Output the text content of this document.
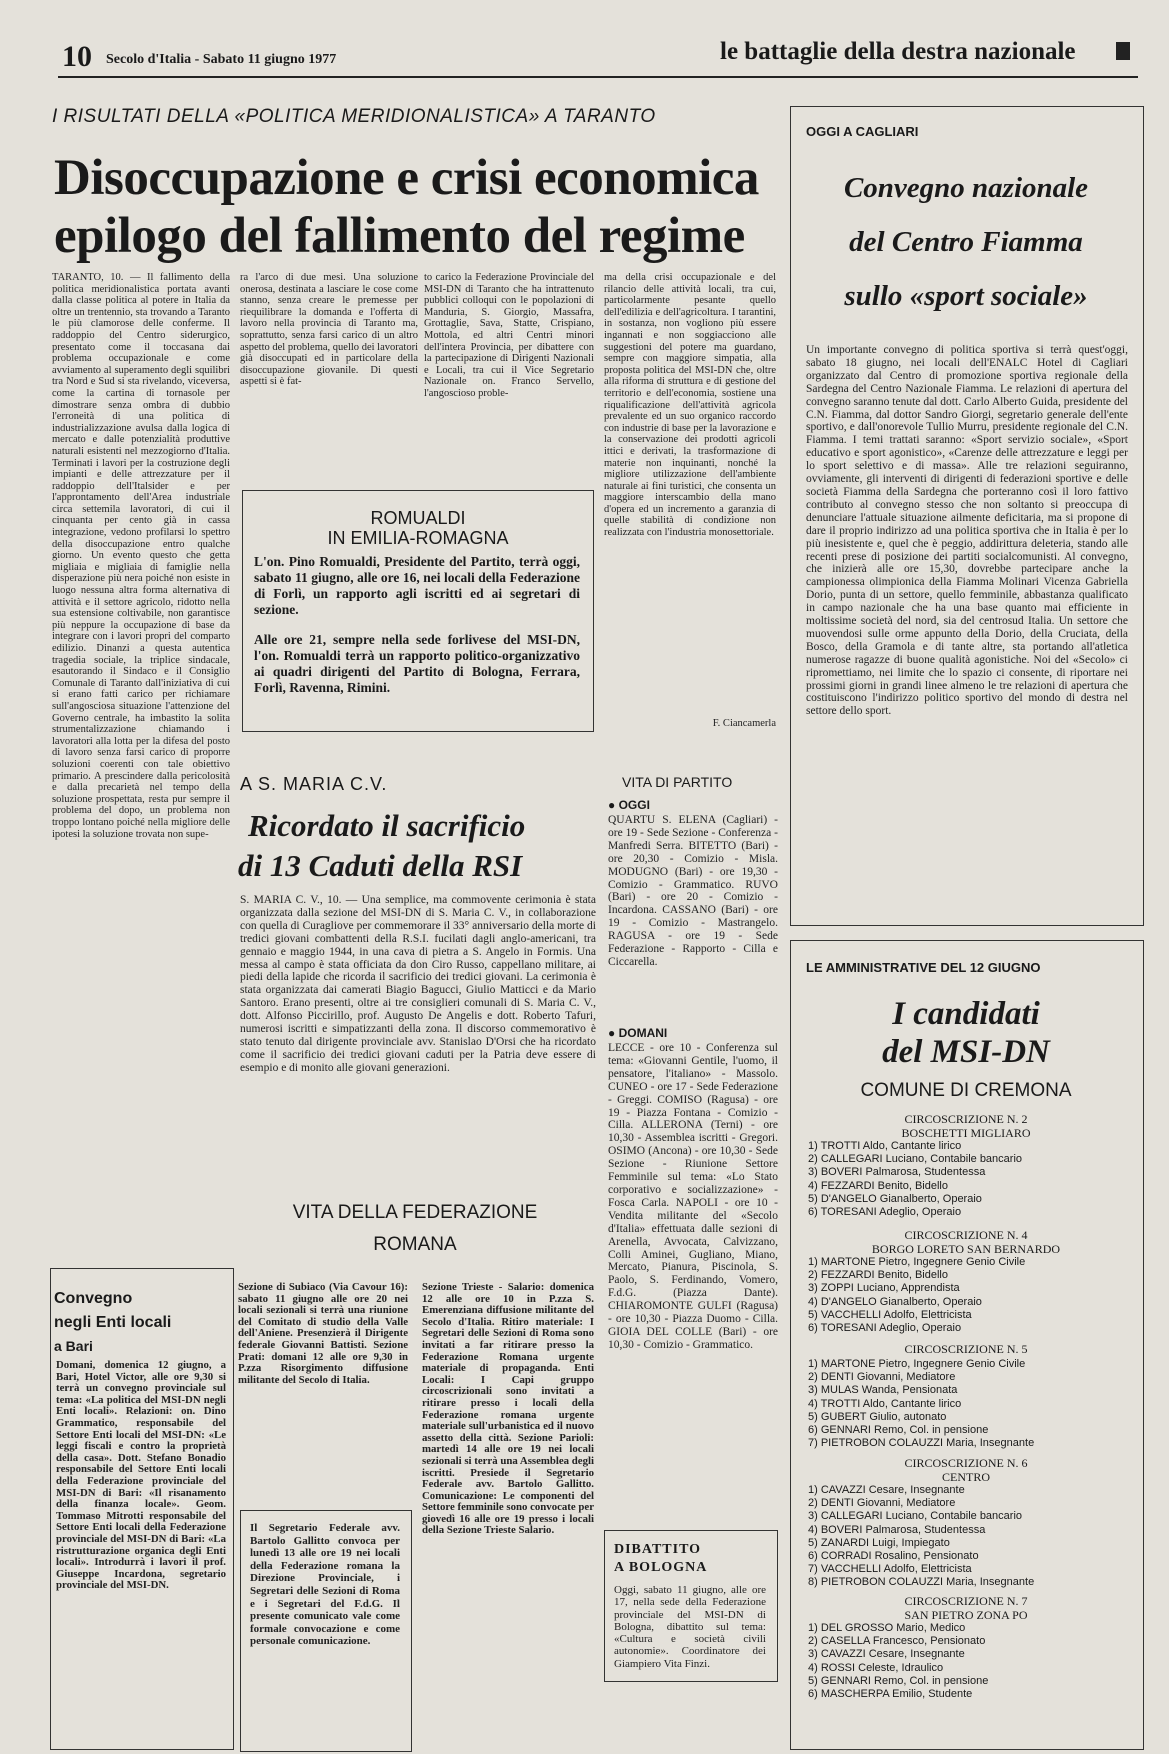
10 Secolo d'Italia - Sabato 11 giugno 1977	le battaglie della destra nazionale
I RISULTATI DELLA «POLITICA MERIDIONALISTICA» A TARANTO
Disoccupazione e crisi economica
epilogo del fallimento del regime
TARANTO, 10. — Il fallimento della politica meridionalistica portata avanti dalla classe politica al potere in Italia da oltre un trentennio, sta trovando a Taranto le più clamorose delle conferme. Il raddoppio del Centro siderurgico, presentato come il toccasana dai problema occupazionale e come avviamento al superamento degli squilibri tra Nord e Sud si sta rivelando, viceversa, come la cartina di tornasole per dimostrare senza ombra di dubbio l'erroneità di una politica di industrializzazione avulsa dalla logica di mercato e dalle potenzialità produttive naturali esistenti nel mezzogiorno d'Italia. Terminati i lavori per la costruzione degli impianti e delle attrezzature per il raddoppio dell'Italsider e per l'approntamento dell'Area industriale circa settemila lavoratori, di cui il cinquanta per cento già in cassa integrazione, vedono profilarsi lo spettro della disoccupazione entro qualche giorno. Un evento questo che getta migliaia e migliaia di famiglie nella disperazione più nera poiché non esiste in luogo nessuna altra forma alternativa di attività e il settore agricolo, ridotto nella sua estensione coltivabile, non garantisce più neppure la occupazione di base da integrare con i lavori propri del comparto edilizio. Dinanzi a questa autentica tragedia sociale, la triplice sindacale, esautorando il Sindaco e il Consiglio Comunale di Taranto dall'iniziativa di cui si erano fatti carico per richiamare sull'angosciosa situazione l'attenzione del Governo centrale, ha imbastito la solita strumentalizzazione chiamando i lavoratori alla lotta per la difesa del posto di lavoro senza farsi carico di proporre soluzioni coerenti con tale obiettivo primario. A prescindere dalla pericolosità e dalla precarietà nel tempo della soluzione prospettata, resta pur sempre il problema del dopo, un problema non troppo lontano poiché nella migliore delle ipotesi la soluzione trovata non supe-
ra l'arco di due mesi. Una soluzione onerosa, destinata a lasciare le cose come stanno, senza creare le premesse per riequilibrare la domanda e l'offerta di lavoro nella provincia di Taranto ma, soprattutto, senza farsi carico di un altro aspetto del problema, quello dei lavoratori già disoccupati ed in particolare della disoccupazione giovanile. Di questi aspetti si è fat-
to carico la Federazione Provinciale del MSI-DN di Taranto che ha intrattenuto pubblici colloqui con le popolazioni di Manduria, S. Giorgio, Massafra, Grottaglie, Sava, Statte, Crispiano, Mottola, ed altri Centri minori dell'intera Provincia, per dibattere con la partecipazione di Dirigenti Nazionali e Locali, tra cui il Vice Segretario Nazionale on. Franco Servello, l'angoscioso proble-
ma della crisi occupazionale e del rilancio delle attività locali, tra cui, particolarmente pesante quello dell'edilizia e dell'agricoltura. I tarantini, in sostanza, non vogliono più essere ingannati e non soggiacciono alle suggestioni del potere ma guardano, sempre con maggiore simpatia, alla proposta politica del MSI-DN che, oltre alla riforma di struttura e di gestione del territorio e dell'economia, sostiene una riqualificazione dell'attività agricola prevalente ed un suo organico raccordo con industrie di base per la lavorazione e la conservazione dei prodotti agricoli ittici e derivati, la trasformazione di materie non inquinanti, nonché la migliore utilizzazione dell'ambiente naturale ai fini turistici, che consenta un maggiore interscambio della mano d'opera ed un incremento a garanzia di quelle stabilità di condizione non realizzata con l'industria monosettoriale.
F. Ciancamerla
ROMUALDI
IN EMILIA-ROMAGNA
L'on. Pino Romualdi, Presidente del Partito, terrà oggi, sabato 11 giugno, alle ore 16, nei locali della Federazione di Forlì, un rapporto agli iscritti ed ai segretari di sezione.
Alle ore 21, sempre nella sede forlivese del MSI-DN, l'on. Romualdi terrà un rapporto politico-organizzativo ai quadri dirigenti del Partito di Bologna, Ferrara, Forlì, Ravenna, Rimini.
OGGI A CAGLIARI
Convegno nazionale
del Centro Fiamma
sullo «sport sociale»
Un importante convegno di politica sportiva si terrà quest'oggi, sabato 18 giugno, nei locali dell'ENALC Hotel di Cagliari organizzato dal Centro di promozione sportiva regionale della Sardegna del Centro Nazionale Fiamma. Le relazioni di apertura del convegno saranno tenute dal dott. Carlo Alberto Guida, presidente del C.N. Fiamma, dal dottor Sandro Giorgi, segretario generale dell'ente sportivo, e dall'onorevole Tullio Murru, presidente regionale del C.N. Fiamma. I temi trattati saranno: «Sport servizio sociale», «Sport educativo e sport agonistico», «Carenze delle attrezzature e leggi per lo sport selettivo e di massa». Alle tre relazioni seguiranno, ovviamente, gli interventi di dirigenti di federazioni sportive e delle società Fiamma della Sardegna che porteranno così il loro fattivo contributo al convegno stesso che non soltanto si preoccupa di denunciare l'attuale situazione ailmente deficitaria, ma si propone di dare il proprio indirizzo ad una politica sportiva che in Italia è per lo più inesistente e, quel che è peggio, addirittura deleteria, stando alle recenti prese di posizione dei partiti socialcomunisti. Al convegno, che inizierà alle ore 15,30, dovrebbe partecipare anche la campionessa olimpionica della Fiamma Molinari Vicenza Gabriella Dorio, punta di un settore, quello femminile, abbastanza qualificato in campo nazionale che ha una base quanto mai efficiente in moltissime società del nord, sia del centrosud Italia. Un settore che muovendosi sulle orme appunto della Dorio, della Cruciata, della Bosco, della Gramola e di tante altre, sta portando all'atletica numerose ragazze di buone qualità agonistiche. Noi del «Secolo» ci ripromettiamo, nei limite che lo spazio ci consente, di riportare nei prossimi giorni in grandi linee almeno le tre relazioni di apertura che costituiscono l'indirizzo politico sportivo del mondo di destra nel settore dello sport.
A S. MARIA C.V.
Ricordato il sacrificio
di 13 Caduti della RSI
S. MARIA C. V., 10. — Una semplice, ma commovente cerimonia è stata organizzata dalla sezione del MSI-DN di S. Maria C. V., in collaborazione con quella di Curagliove per commemorare il 33° anniversario della morte di tredici giovani combattenti della R.S.I. fucilati dagli anglo-americani, tra gennaio e maggio 1944, in una cava di pietra a S. Angelo in Formis. Una messa al campo è stata officiata da don Ciro Russo, cappellano militare, ai piedi della lapide che ricorda il sacrificio dei tredici giovani. La cerimonia è stata organizzata dai camerati Biagio Bagucci, Giulio Matticci e da Mario Santoro. Erano presenti, oltre ai tre consiglieri comunali di S. Maria C. V., dott. Alfonso Piccirillo, prof. Augusto De Angelis e dott. Roberto Tafuri, numerosi iscritti e simpatizzanti della zona. Il discorso commemorativo è stato tenuto dal dirigente provinciale avv. Stanislao D'Orsi che ha ricordato come il sacrificio dei tredici giovani caduti per la Patria deve essere di esempio e di monito alle giovani generazioni.
VITA DI PARTITO
● OGGI
QUARTU S. ELENA (Cagliari) - ore 19 - Sede Sezione - Conferenza - Manfredi Serra. BITETTO (Bari) - ore 20,30 - Comizio - Misla. MODUGNO (Bari) - ore 19,30 - Comizio - Grammatico. RUVO (Bari) - ore 20 - Comizio - Incardona. CASSANO (Bari) - ore 19 - Comizio - Mastrangelo. RAGUSA - ore 19 - Sede Federazione - Rapporto - Cilla e Ciccarella.
● DOMANI
LECCE - ore 10 - Conferenza sul tema: «Giovanni Gentile, l'uomo, il pensatore, l'italiano» - Massolo. CUNEO - ore 17 - Sede Federazione - Greggi. COMISO (Ragusa) - ore 19 - Piazza Fontana - Comizio - Cilla. ALLERONA (Terni) - ore 10,30 - Assemblea iscritti - Gregori. OSIMO (Ancona) - ore 10,30 - Sede Sezione - Riunione Settore Femminile sul tema: «Lo Stato corporativo e socializzazione» - Fosca Carla. NAPOLI - ore 10 - Vendita militante del «Secolo d'Italia» effettuata dalle sezioni di Arenella, Avvocata, Calvizzano, Colli Aminei, Gugliano, Miano, Mercato, Pianura, Piscinola, S. Paolo, S. Ferdinando, Vomero, F.d.G. (Piazza Dante). CHIAROMONTE GULFI (Ragusa) - ore 10,30 - Piazza Duomo - Cilla. GIOIA DEL COLLE (Bari) - ore 10,30 - Comizio - Grammatico.
VITA DELLA FEDERAZIONE
ROMANA
Sezione di Subiaco (Via Cavour 16): sabato 11 giugno alle ore 20 nei locali sezionali si terrà una riunione del Comitato di studio della Valle dell'Aniene. Presenzierà il Dirigente federale Giovanni Battisti. Sezione Prati: domani 12 alle ore 9,30 in P.zza Risorgimento diffusione militante del Secolo di Italia.
Sezione Trieste - Salario: domenica 12 alle ore 10 in P.zza S. Emerenziana diffusione militante del Secolo d'Italia. Ritiro materiale: I Segretari delle Sezioni di Roma sono invitati a far ritirare presso la Federazione Romana urgente materiale di propaganda. Enti Locali: I Capi gruppo circoscrizionali sono invitati a ritirare presso i locali della Federazione romana urgente materiale sull'urbanistica ed il nuovo assetto della città. Sezione Parioli: martedì 14 alle ore 19 nei locali sezionali si terrà una Assemblea degli iscritti. Presiede il Segretario Federale avv. Bartolo Gallitto. Comunicazione: Le componenti del Settore femminile sono convocate per giovedì 16 alle ore 19 presso i locali della Sezione Trieste Salario.
Il Segretario Federale avv. Bartolo Gallitto convoca per lunedì 13 alle ore 19 nei locali della Federazione romana la Direzione Provinciale, i Segretari delle Sezioni di Roma e i Segretari del F.d.G. Il presente comunicato vale come formale convocazione e come personale comunicazione.
DIBATTITO
A BOLOGNA
Oggi, sabato 11 giugno, alle ore 17, nella sede della Federazione provinciale del MSI-DN di Bologna, dibattito sul tema: «Cultura e società civili autonomie». Coordinatore dei Giampiero Vita Finzi.
Convegno
negli Enti locali
a Bari
Domani, domenica 12 giugno, a Bari, Hotel Victor, alle ore 9,30 si terrà un convegno provinciale sul tema: «La politica del MSI-DN negli Enti locali». Relazioni: on. Dino Grammatico, responsabile del Settore Enti locali del MSI-DN: «Le leggi fiscali e contro la proprietà della casa». Dott. Stefano Bonadio responsabile del Settore Enti locali della Federazione provinciale del MSI-DN di Bari: «Il risanamento della finanza locale». Geom. Tommaso Mitrotti responsabile del Settore Enti locali della Federazione provinciale del MSI-DN di Bari: «La ristrutturazione organica degli Enti locali». Introdurrà i lavori il prof. Giuseppe Incardona, segretario provinciale del MSI-DN.
LE AMMINISTRATIVE DEL 12 GIUGNO
I candidati
del MSI-DN
COMUNE DI CREMONA
CIRCOSCRIZIONE N. 2
BOSCHETTI MIGLIARO
1) TROTTI Aldo, Cantante lirico
2) CALLEGARI Luciano, Contabile bancario
3) BOVERI Palmarosa, Studentessa
4) FEZZARDI Benito, Bidello
5) D'ANGELO Gianalberto, Operaio
6) TORESANI Adeglio, Operaio
CIRCOSCRIZIONE N. 4
BORGO LORETO SAN BERNARDO
1) MARTONE Pietro, Ingegnere Genio Civile
2) FEZZARDI Benito, Bidello
3) ZOPPI Luciano, Apprendista
4) D'ANGELO Gianalberto, Operaio
5) VACCHELLI Adolfo, Elettricista
6) TORESANI Adeglio, Operaio
CIRCOSCRIZIONE N. 5
1) MARTONE Pietro, Ingegnere Genio Civile
2) DENTI Giovanni, Mediatore
3) MULAS Wanda, Pensionata
4) TROTTI Aldo, Cantante lirico
5) GUBERT Giulio, autonato
6) GENNARI Remo, Col. in pensione
7) PIETROBON COLAUZZI Maria, Insegnante
CIRCOSCRIZIONE N. 6
CENTRO
1) CAVAZZI Cesare, Insegnante
2) DENTI Giovanni, Mediatore
3) CALLEGARI Luciano, Contabile bancario
4) BOVERI Palmarosa, Studentessa
5) ZANARDI Luigi, Impiegato
6) CORRADI Rosalino, Pensionato
7) VACCHELLI Adolfo, Elettricista
8) PIETROBON COLAUZZI Maria, Insegnante
CIRCOSCRIZIONE N. 7
SAN PIETRO ZONA PO
1) DEL GROSSO Mario, Medico
2) CASELLA Francesco, Pensionato
3) CAVAZZI Cesare, Insegnante
4) ROSSI Celeste, Idraulico
5) GENNARI Remo, Col. in pensione
6) MASCHERPA Emilio, Studente
